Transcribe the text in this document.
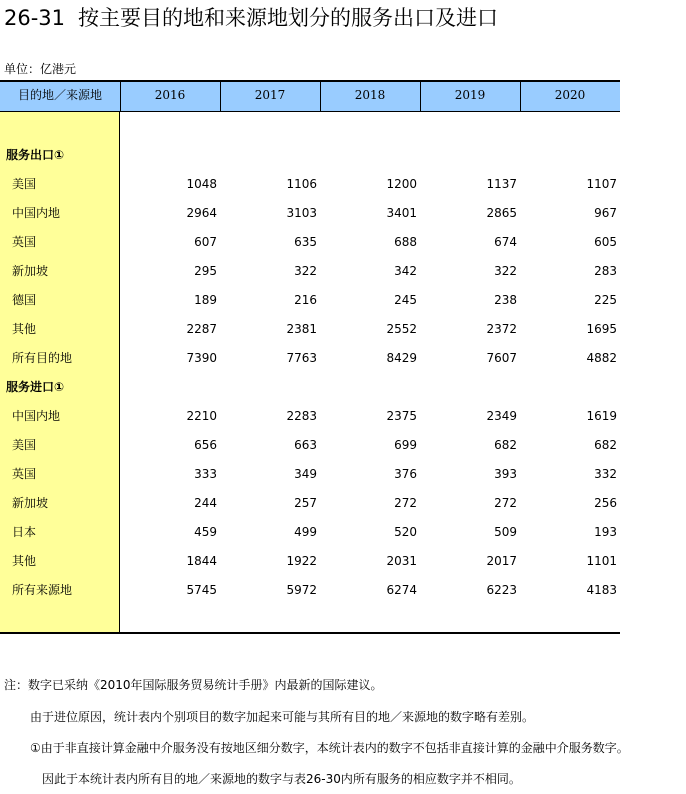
26-31 按主要目的地和来源地划分的服务出口及进口
单位：亿港元
目的地／来源地	2016	2017	2018	2019	2020
服务出口①
美国	1048	1106	1200	1137	1107
中国内地	2964	3103	3401	2865	967
英国	607	635	688	674	605
新加坡	295	322	342	322	283
德国	189	216	245	238	225
其他	2287	2381	2552	2372	1695
所有目的地	7390	7763	8429	7607	4882
服务进口①
中国内地	2210	2283	2375	2349	1619
美国	656	663	699	682	682
英国	333	349	376	393	332
新加坡	244	257	272	272	256
日本	459	499	520	509	193
其他	1844	1922	2031	2017	1101
所有来源地	5745	5972	6274	6223	4183
注：数字已采纳《2010年国际服务贸易统计手册》内最新的国际建议。
由于进位原因，统计表内个别项目的数字加起来可能与其所有目的地／来源地的数字略有差别。
①由于非直接计算金融中介服务没有按地区细分数字，本统计表内的数字不包括非直接计算的金融中介服务数字。
因此于本统计表内所有目的地／来源地的数字与表26-30内所有服务的相应数字并不相同。
